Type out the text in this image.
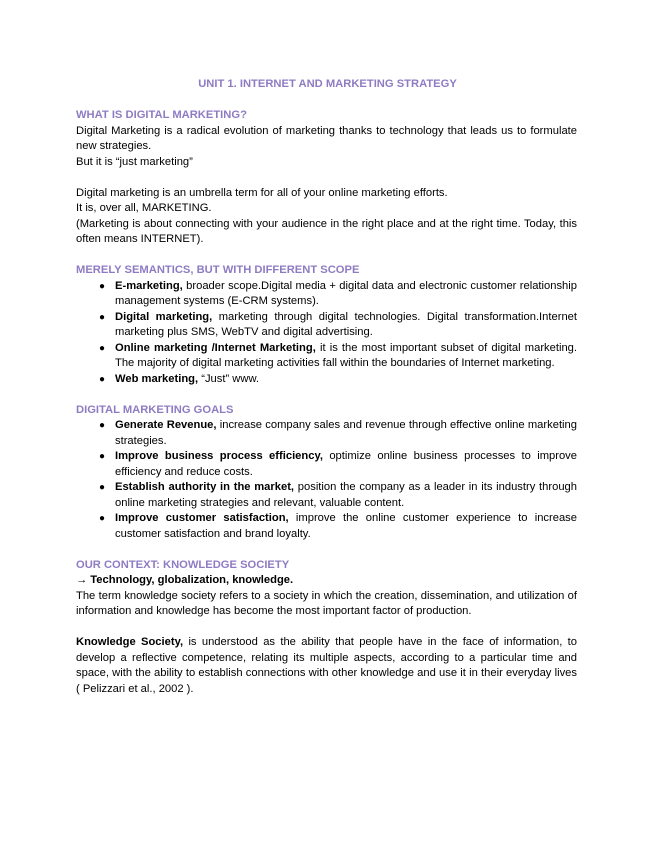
UNIT 1. INTERNET AND MARKETING STRATEGY
WHAT IS DIGITAL MARKETING?

Digital Marketing is a radical evolution of marketing thanks to technology that leads us to formulate new strategies.

But it is “just marketing”

Digital marketing is an umbrella term for all of your online marketing efforts.

It is, over all, MARKETING.

(Marketing is about connecting with your audience in the right place and at the right time. Today, this often means INTERNET).

MERELY SEMANTICS, BUT WITH DIFFERENT SCOPE
● E-marketing, broader scope.Digital media + digital data and electronic customer relationship management systems (E-CRM systems).
● Digital marketing, marketing through digital technologies. Digital transformation.Internet marketing plus SMS, WebTV and digital advertising.
● Online marketing /Internet Marketing, it is the most important subset of digital marketing. The majority of digital marketing activities fall within the boundaries of Internet marketing.
● Web marketing, “Just” www.
DIGITAL MARKETING GOALS
● Generate Revenue, increase company sales and revenue through effective online marketing strategies.
● Improve business process efficiency, optimize online business processes to improve efficiency and reduce costs.
● Establish authority in the market, position the company as a leader in its industry through online marketing strategies and relevant, valuable content.
● Improve customer satisfaction, improve the online customer experience to increase customer satisfaction and brand loyalty.
OUR CONTEXT: KNOWLEDGE SOCIETY

→ Technology, globalization, knowledge.

The term knowledge society refers to a society in which the creation, dissemination, and utilization of information and knowledge has become the most important factor of production.

Knowledge Society, is understood as the ability that people have in the face of information, to develop a reflective competence, relating its multiple aspects, according to a particular time and space, with the ability to establish connections with other knowledge and use it in their everyday lives ( Pelizzari et al., 2002 ).
